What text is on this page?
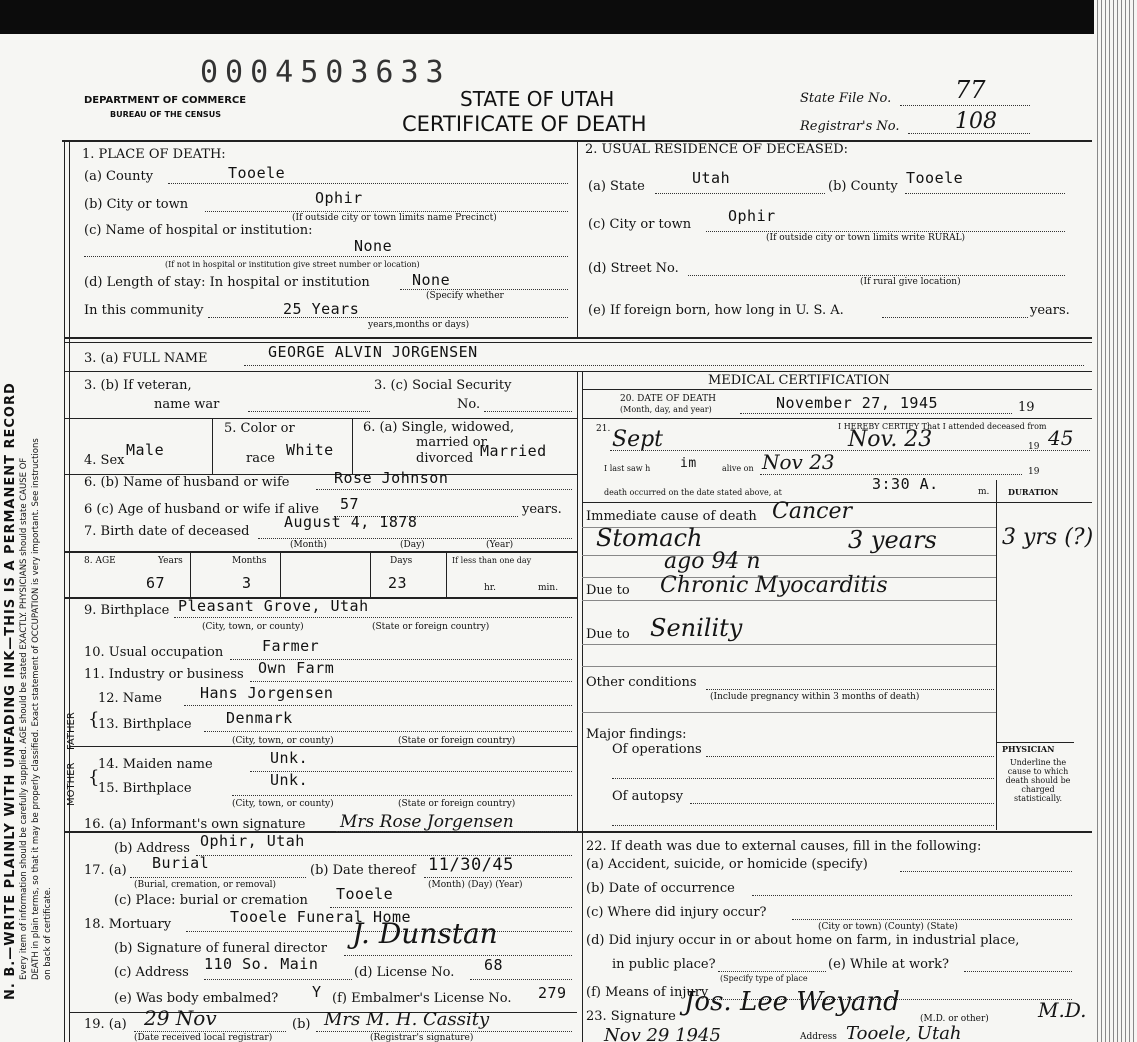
0004503633
DEPARTMENT OF COMMERCE
BUREAU OF THE CENSUS
STATE OF UTAH
CERTIFICATE OF DEATH
State File No.	77
Registrar's No.	108
N. B.—WRITE PLAINLY WITH UNFADING INK—THIS IS A PERMANENT RECORD Every item of information should be carefully supplied. AGE should be stated EXACTLY. PHYSICIANS should state CAUSE OF DEATH in plain terms, so that it may be properly classified. Exact statement of OCCUPATION is very important. See instructions on back of certificate.
1. PLACE OF DEATH:
(a) County	Tooele
(b) City or town	Ophir
(If outside city or town limits name Precinct)
(c) Name of hospital or institution:
None
(If not in hospital or institution give street number or location)
(d) Length of stay: In hospital or institution	None
(Specify whether
In this community	25 Years
years,months or days)
2. USUAL RESIDENCE OF DECEASED:
(a) State	Utah	(b) County Tooele
(c) City or town Ophir
(If outside city or town limits write RURAL)
(d) Street No.
(If rural give location)
(e) If foreign born, how long in U. S. A.	years.
3. (a) FULL NAME	GEORGE ALVIN JORGENSEN
3. (b) If veteran,
name war
3. (c) Social Security
No.
MEDICAL CERTIFICATION
20. DATE OF DEATH
(Month, day, and year)	November 27, 1945	19
5. Color or	6. (a) Single, widowed,
married or
divorced Married
4. Sex
Male	race White
6. (b) Name of husband or wife	Rose Johnson
6 (c) Age of husband or wife if alive 57	years.
7. Birth date of deceased
August 4, 1878
(Month)	(Day)	(Year)
8. AGE	Years	Months	Days	If less than one day
67	3	23	hr.	min.
21.	I HEREBY CERTIFY That I attended deceased from
Sept	Nov. 23	45
19
I last saw h im	alive on Nov 23	19
death occurred on the date stated above, at	3:30 A.	m. DURATION
Immediate cause of death Cancer
Stomach	3 years	3 yrs (?)
ago 94 n
Due to Chronic Myocarditis
Due to Senility
Other conditions
(Include pregnancy within 3 months of death)
Major findings:
Of operations
Of autopsy
PHYSICIAN
Underline the cause to which death should be charged statistically.
9. Birthplace Pleasant Grove, Utah
(City, town, or county)	(State or foreign country)
10. Usual occupation	Farmer
11. Industry or business Own Farm
FATHER {
12. Name	Hans Jorgensen
13. Birthplace Denmark
(City, town, or county)	(State or foreign country)
MOTHER {
14. Maiden name	Unk.
15. Birthplace	Unk.
(City, town, or county)	(State or foreign country)
16. (a) Informant's own signature Mrs Rose Jorgensen
(b) Address Ophir, Utah
17. (a) Burial
(Burial, cremation, or removal)
(b) Date thereof 11/30/45
(Month) (Day) (Year)
(c) Place: burial or cremation Tooele
18. Mortuary	Tooele Funeral Home
(b) Signature of funeral director J. Dunstan
(c) Address 110 So. Main	(d) License No. 68
(e) Was body embalmed? Y (f) Embalmer's License No. 279
19. (a) 29 Nov
(Date received local registrar)
(b) Mrs M. H. Cassity
(Registrar's signature)
22. If death was due to external causes, fill in the following:
(a) Accident, suicide, or homicide (specify)
(b) Date of occurrence
(c) Where did injury occur?
(City or town) (County) (State)
(d) Did injury occur in or about home on farm, in industrial place,
in public place?
(Specify type of place
(e) While at work?
(f) Means of injury
23. Signature Jos. Lee Weyand
(M.D. or other) M.D.
Nov 29 1945	Address Tooele, Utah
